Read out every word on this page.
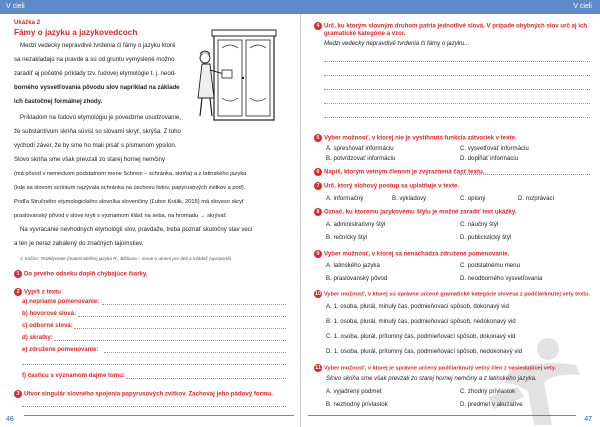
V cieli
Ukážka 2
Fámy o jazyku a jazykovedcoch
Medzi vedecky nepravdivé tvrdenia či fámy o jazyku ktoré
sa nezakladajú na pravde a sú od gruntu vymyslené možno
zaradiť aj početné príklady tzv. ľudovej etymológie t. j. neod-
borného vysvetľovania pôvodu slov napríklad na základe
ich častočnej formálnej zhody.
Príkladom na ľudovú etymológiu je povedzme usudzovanie,
že substantívum skriňa súvisí so slovami skryť, skrýša. Z toho
vychodí záver, že by sme ho mali písať s písmenom ypsilon.
Slovo skriňa sme však prevzali zo starej hornej nemčiny
(má pôvod v nemeckom podstatnom mene Schrein – schránka, skriňa) a z latinského jazyka
(kde sa slovom scrínium nazývala schránka na úschovu listov, papyrusových zvitkov a pod).
Podľa Stručného etymologického slovníka slovenčiny (Ľubor Králik, 2015) má slovesо skryť
praslovanský pôvod v slove kryti s významom klásť na seba, na hromadu → skrývať.
Na vyvracanie nevhodných etymológií slov, pravdaže, treba poznať skutočný stav vecí
a ten je neraz zahalený do značných tajomstiev.
J. Kočiss: Rozklývanie (materinského) jazyka R., Bibliana – revue o umení pre deti a mládež (upravené)
1 Do prvého odseku doplň chýbajúce čiarky.
2 Vypíš z textu
a) nepriame pomenovanie:
b) hovorové slová:
c) odborné slová:
d) skratky:
e) združené pomenovanie:
f) časticu s významom dajme tomu:
3 Utvor singulár slovného spojenia papyrusových zvitkov. Zachovaj jeho pádový formu.
46
V cieli
4 Urč, ku ktorým slovným druhom patria jednotlivé slová. V prípade ohybných slov urč aj ich
gramatické kategórie a vzor.
Medzi vedecky nepravdivé tvrdenia či fámy o jazyku...
5 Vyber možnosť, v ktorej nie je vystihnutá funkcia zátvoriek v texte.
A. spresňovať informáciu	C. vysvetľovať informáciu
B. potvrdzovať informáciu	D. dopĺňať informáciu
6 Napíš, ktorým vetným členom je zvýraznená časť textu.
7 Urč, ktorý slohový postup sa uplatňuje v texte.
A. informačný	B. výkladový	C. opisný	D. rozprávací
8 Označ, ku ktorému jazykovému štýlu je možné zaradiť text ukážky.
A. administratívny štýl	C. náučný štýl
B. rečnícky štýl	D. publicistický štýl
9 Vyber možnosť, v ktorej sa nenachádza združené pomenovanie.
A. latinského jazyka	C. podstatnému menu
B. praslovanský pôvod	D. neodborného vysvetľovania
10 Vyber možnosť, v ktorej sú správne určené gramatické kategórie slovesa z podčiarknutej vety textu.
A. 1. osoba, plurál, minulý čas, podmieňovací spôsob, dokonavý vid
B. 1. osoba, plurál, minulý čas, podmieňovací spôsob, nedokonavý vid
C. 1. osoba, plurál, prítomný čas, podmieňovací spôsob, dokonavý vid
D. 1. osoba, plurál, prítomný čas, podmieňovací spôsob, nedokonavý vid
11 Vyber možnosť, v ktorej je správne určený podčiarknutý vetný člen z nasledujúcej vety.
Slovo skriňa sme však prevzali zo starej hornej nemčiny a z latinského jazyka.
A. vyjadrený podmet	C. zhodný prívlastok
B. nezhodný prívlastok	D. predmet v akuzatíve
47
